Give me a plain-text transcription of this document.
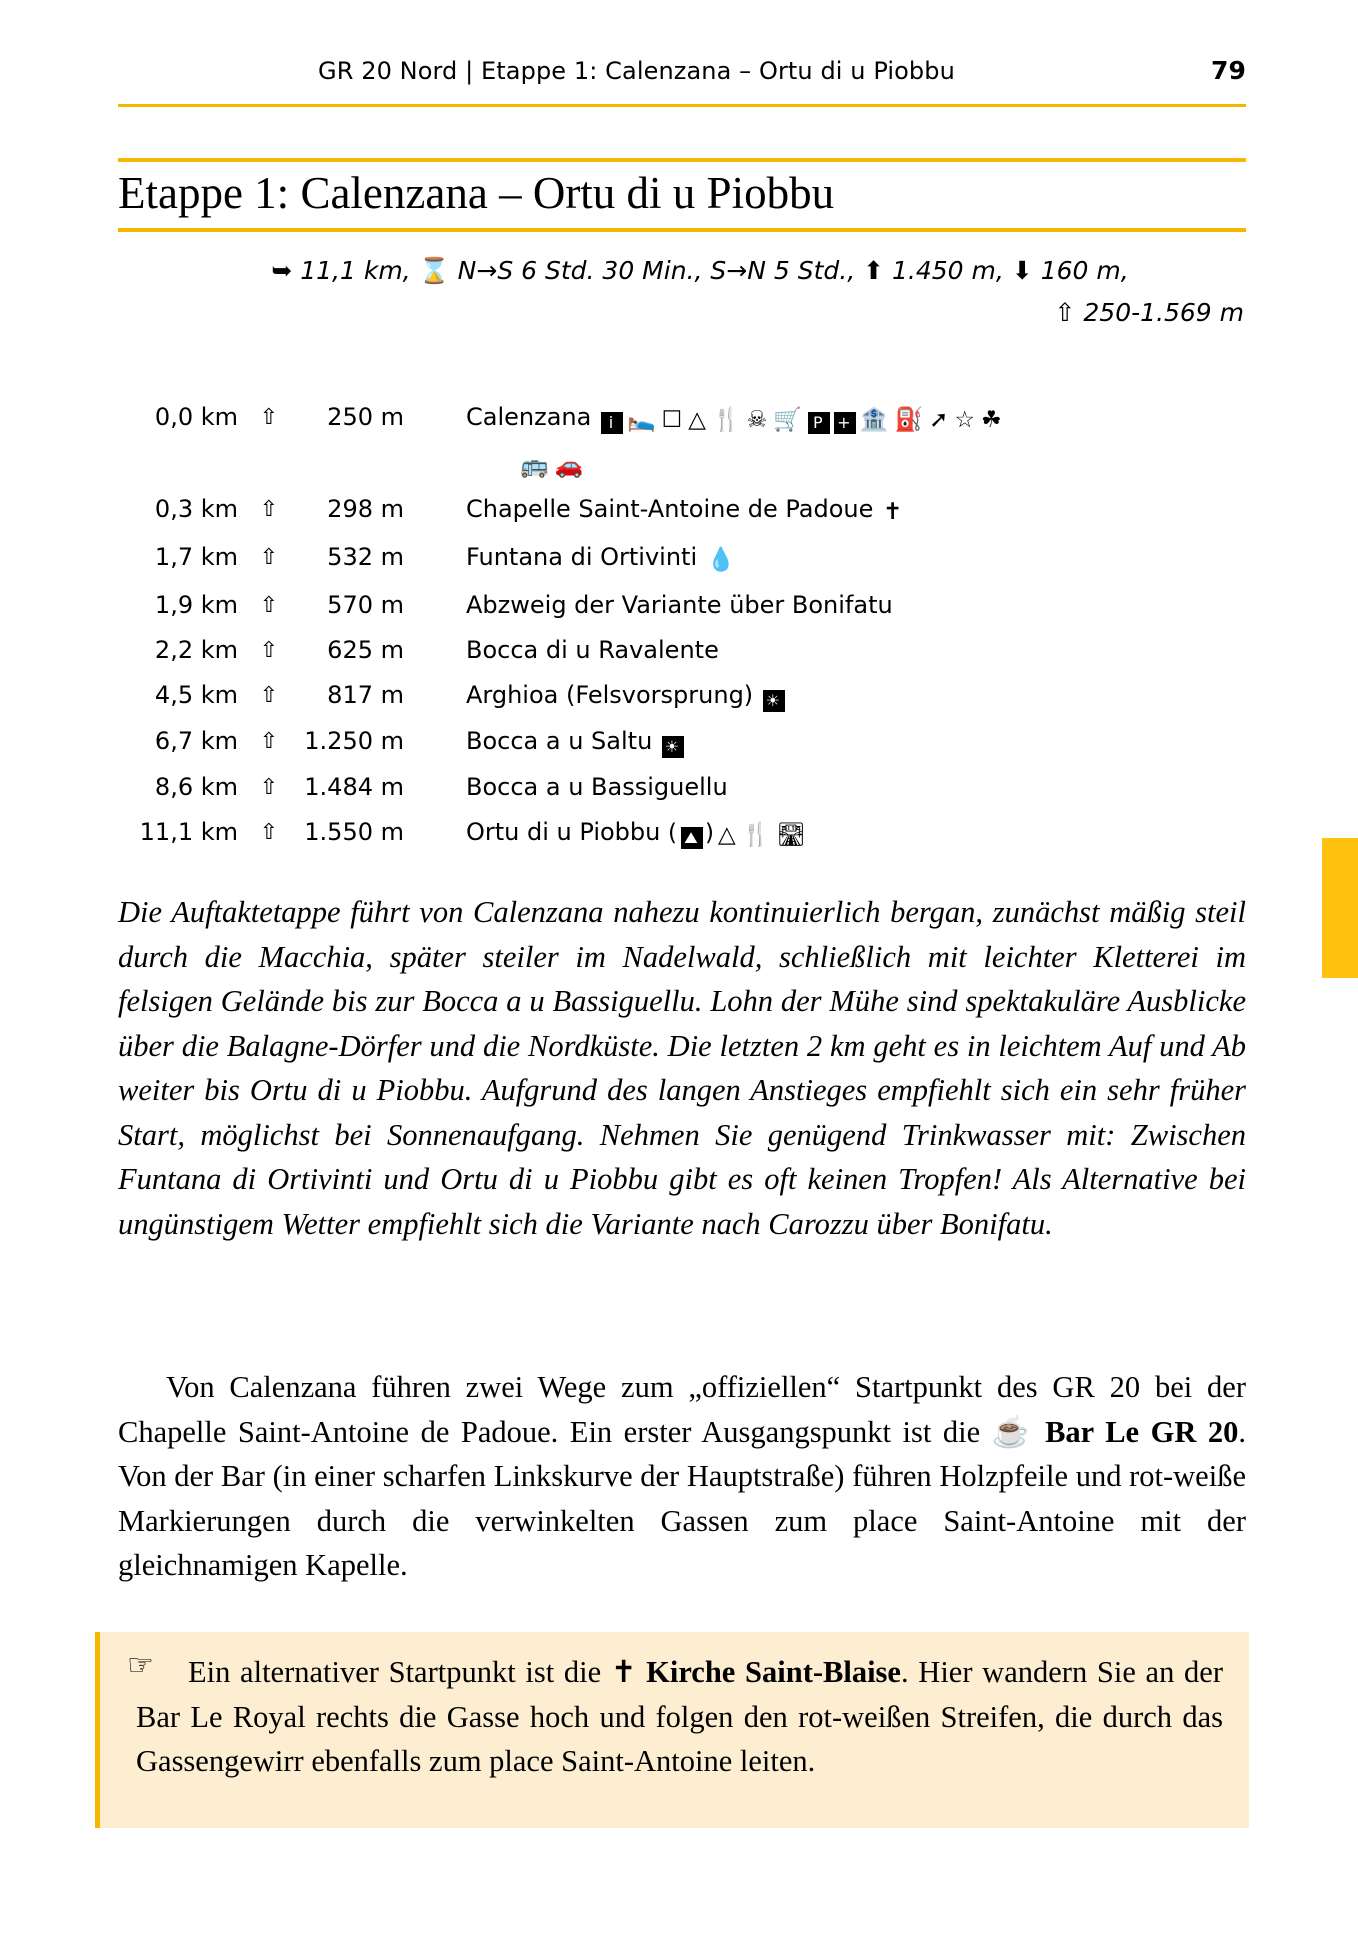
GR 20 Nord | Etappe 1: Calenzana – Ortu di u Piobbu	79
Etappe 1: Calenzana – Ortu di u Piobbu
➥ 11,1 km, ⌛ N→S 6 Std. 30 Min., S→N 5 Std., ⬆ 1.450 m, ⬇ 160 m,
⇧ 250-1.569 m
0,0 km ⇧	250 m	Calenzana i 🛌 ☐ △ 🍴 ☠ 🛒 P + 🏦 ⛽ ➚ ☆ ☘
🚌 🚗
0,3 km ⇧	298 m	Chapelle Saint-Antoine de Padoue ✝
1,7 km ⇧	532 m	Funtana di Ortivinti 💧
1,9 km ⇧	570 m	Abzweig der Variante über Bonifatu
2,2 km ⇧	625 m	Bocca di u Ravalente
4,5 km ⇧	817 m	Arghioa (Felsvorsprung) ☀
6,7 km ⇧	1.250 m	Bocca a u Saltu ☀
8,6 km ⇧	1.484 m	Bocca a u Bassiguellu
11,1 km ⇧	1.550 m	Ortu di u Piobbu ( ⛰ )△ 🍴 🛣
Die Auftaktetappe führt von Calenzana nahezu kontinuierlich bergan, zunächst mäßig steil durch die Macchia, später steiler im Nadelwald, schließlich mit leichter Kletterei im felsigen Gelände bis zur Bocca a u Bassiguellu. Lohn der Mühe sind spektakuläre Ausblicke über die Balagne-Dörfer und die Nordküste. Die letzten 2 km geht es in leichtem Auf und Ab weiter bis Ortu di u Piobbu. Aufgrund des langen Anstieges empfiehlt sich ein sehr früher Start, möglichst bei Sonnenaufgang. Nehmen Sie genügend Trinkwasser mit: Zwischen Funtana di Ortivinti und Ortu di u Piobbu gibt es oft keinen Tropfen! Als Alternative bei ungünstigem Wetter empfiehlt sich die Variante nach Carozzu über Bonifatu.
Von Calenzana führen zwei Wege zum „offiziellen“ Startpunkt des GR 20 bei der Chapelle Saint-Antoine de Padoue. Ein erster Ausgangspunkt ist die ☕ Bar Le GR 20. Von der Bar (in einer scharfen Linkskurve der Hauptstraße) führen Holzpfeile und rot-weiße Markierungen durch die verwinkelten Gassen zum place Saint-Antoine mit der gleichnamigen Kapelle.
☞	Ein alternativer Startpunkt ist die ✝ Kirche Saint-Blaise. Hier wandern Sie an der Bar Le Royal rechts die Gasse hoch und folgen den rot-weißen Streifen, die durch das Gassengewirr ebenfalls zum place Saint-Antoine leiten.
